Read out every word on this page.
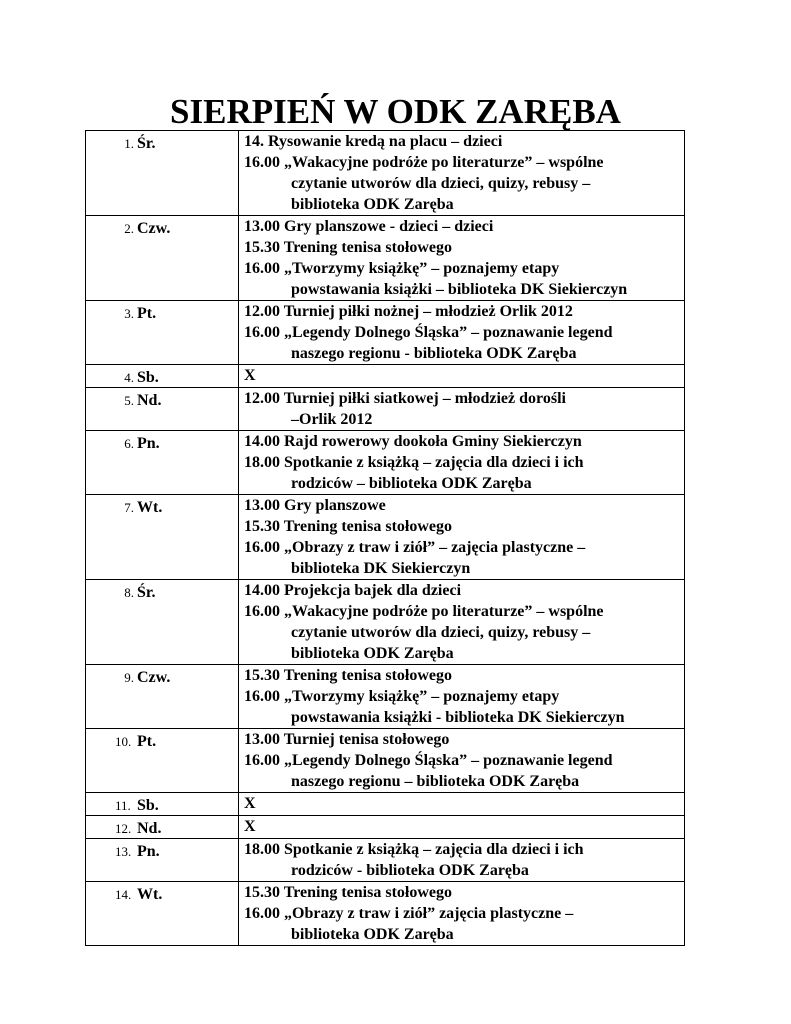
SIERPIEŃ W ODK ZARĘBA
1. Śr.	14. Rysowanie kredą na placu – dzieci
16.00 „Wakacyjne podróże po literaturze” – wspólne
czytanie utworów dla dzieci, quizy, rebusy –
biblioteka ODK Zaręba

2. Czw.	13.00 Gry planszowe - dzieci – dzieci
15.30 Trening tenisa stołowego
16.00 „Tworzymy książkę” – poznajemy etapy
powstawania książki – biblioteka DK Siekierczyn

3. Pt.	12.00 Turniej piłki nożnej – młodzież Orlik 2012
16.00 „Legendy Dolnego Śląska” – poznawanie legend
naszego regionu - biblioteka ODK Zaręba

4. Sb.	X

5. Nd.	12.00 Turniej piłki siatkowej – młodzież dorośli
–Orlik 2012

6. Pn.	14.00 Rajd rowerowy dookoła Gminy Siekierczyn
18.00 Spotkanie z książką – zajęcia dla dzieci i ich
rodziców – biblioteka ODK Zaręba

7. Wt.	13.00 Gry planszowe
15.30 Trening tenisa stołowego
16.00 „Obrazy z traw i ziół” – zajęcia plastyczne –
biblioteka DK Siekierczyn

8. Śr.	14.00 Projekcja bajek dla dzieci
16.00 „Wakacyjne podróże po literaturze” – wspólne
czytanie utworów dla dzieci, quizy, rebusy –
biblioteka ODK Zaręba

9. Czw.	15.30 Trening tenisa stołowego
16.00 „Tworzymy książkę” – poznajemy etapy
powstawania książki - biblioteka DK Siekierczyn

10. Pt.	13.00 Turniej tenisa stołowego
16.00 „Legendy Dolnego Śląska” – poznawanie legend
naszego regionu – biblioteka ODK Zaręba

11. Sb.	X

12. Nd.	X

13. Pn.	18.00 Spotkanie z książką – zajęcia dla dzieci i ich
rodziców - biblioteka ODK Zaręba

14. Wt.	15.30 Trening tenisa stołowego
16.00 „Obrazy z traw i ziół” zajęcia plastyczne –
biblioteka ODK Zaręba
